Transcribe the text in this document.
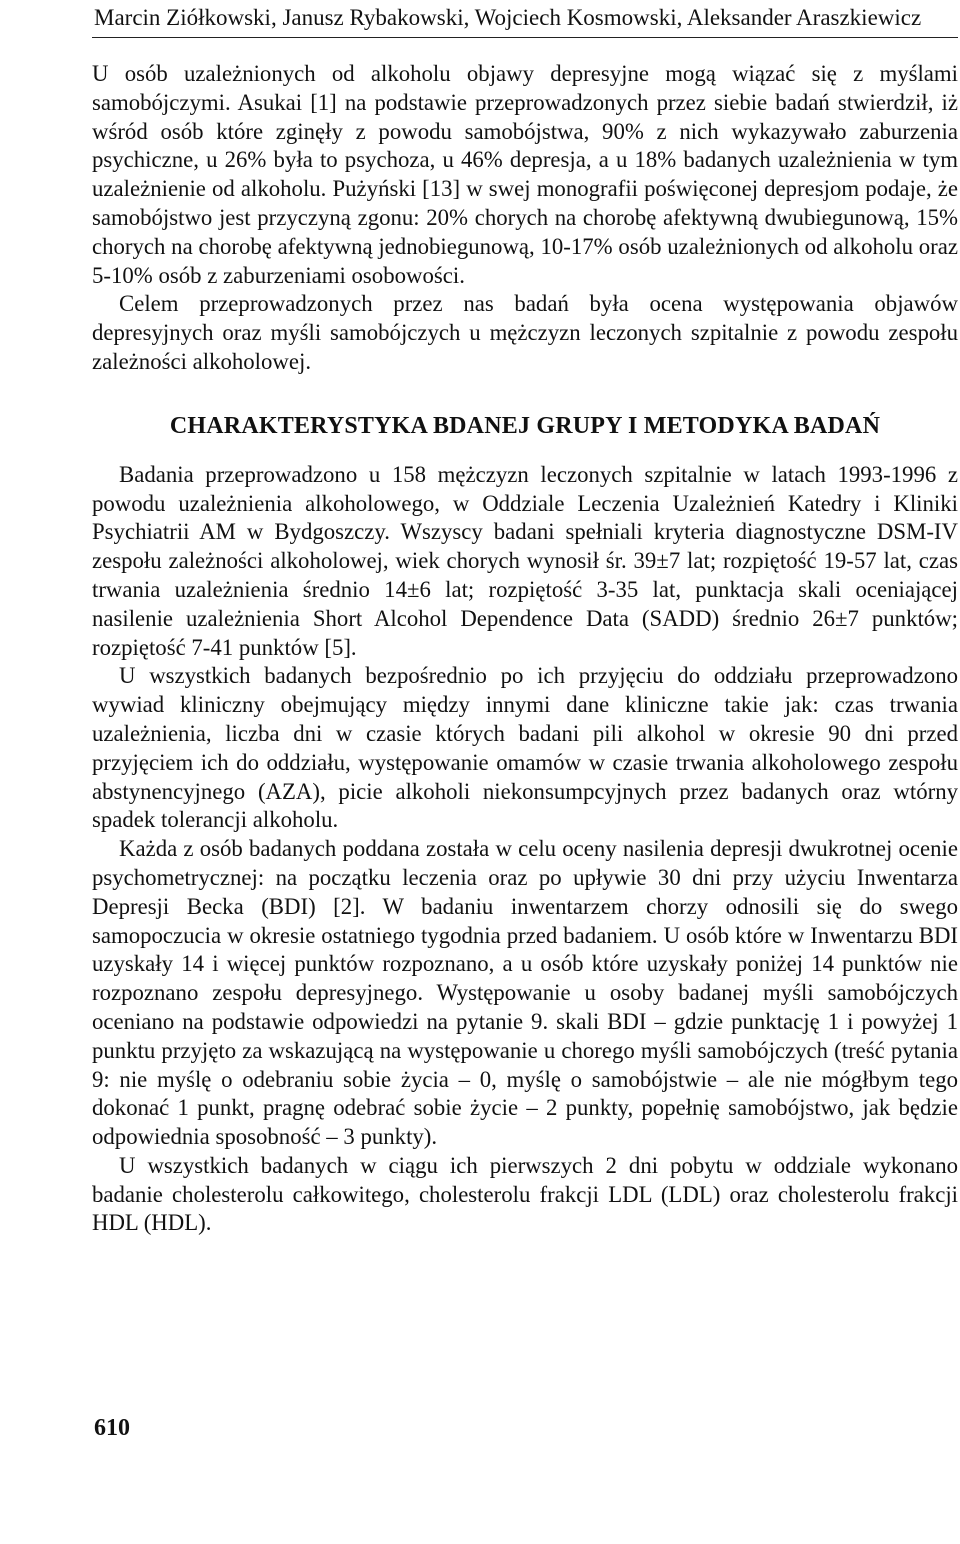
Marcin Ziółkowski, Janusz Rybakowski, Wojciech Kosmowski, Aleksander Araszkiewicz

U osób uzależnionych od alkoholu objawy depresyjne mogą wiązać się z myślami samobójczymi. Asukai [1] na podstawie przeprowadzonych przez siebie badań stwierdził, iż wśród osób które zginęły z powodu samobójstwa, 90% z nich wykazywało zaburzenia psychiczne, u 26% była to psychoza, u 46% depresja, a u 18% badanych uzależnienia w tym uzależnienie od alkoholu. Pużyński [13] w swej monografii poświęconej depresjom podaje, że samobójstwo jest przyczyną zgonu: 20% chorych na chorobę afektywną dwubiegunową, 15% chorych na chorobę afektywną jednobiegunową, 10-17% osób uzależnionych od alkoholu oraz 5-10% osób z zaburzeniami osobowości.

Celem przeprowadzonych przez nas badań była ocena występowania objawów depresyjnych oraz myśli samobójczych u mężczyzn leczonych szpitalnie z powodu zespołu zależności alkoholowej.

CHARAKTERYSTYKA BDANEJ GRUPY I METODYKA BADAŃ

Badania przeprowadzono u 158 mężczyzn leczonych szpitalnie w latach 1993-1996 z powodu uzależnienia alkoholowego, w Oddziale Leczenia Uzależnień Katedry i Kliniki Psychiatrii AM w Bydgoszczy. Wszyscy badani spełniali kryteria diagnostyczne DSM-IV zespołu zależności alkoholowej, wiek chorych wynosił śr. 39±7 lat; rozpiętość 19-57 lat, czas trwania uzależnienia średnio 14±6 lat; rozpiętość 3-35 lat, punktacja skali oceniającej nasilenie uzależnienia Short Alcohol Dependence Data (SADD) średnio 26±7 punktów; rozpiętość 7-41 punktów [5].

U wszystkich badanych bezpośrednio po ich przyjęciu do oddziału przeprowadzono wywiad kliniczny obejmujący między innymi dane kliniczne takie jak: czas trwania uzależnienia, liczba dni w czasie których badani pili alkohol w okresie 90 dni przed przyjęciem ich do oddziału, występowanie omamów w czasie trwania alkoholowego zespołu abstynencyjnego (AZA), picie alkoholi niekonsumpcyjnych przez badanych oraz wtórny spadek tolerancji alkoholu.

Każda z osób badanych poddana została w celu oceny nasilenia depresji dwukrotnej ocenie psychometrycznej: na początku leczenia oraz po upływie 30 dni przy użyciu Inwentarza Depresji Becka (BDI) [2]. W badaniu inwentarzem chorzy odnosili się do swego samopoczucia w okresie ostatniego tygodnia przed badaniem. U osób które w Inwentarzu BDI uzyskały 14 i więcej punktów rozpoznano, a u osób które uzyskały poniżej 14 punktów nie rozpoznano zespołu depresyjnego. Występowanie u osoby badanej myśli samobójczych oceniano na podstawie odpowiedzi na pytanie 9. skali BDI – gdzie punktację 1 i powyżej 1 punktu przyjęto za wskazującą na występowanie u chorego myśli samobójczych (treść pytania 9: nie myślę o odebraniu sobie życia – 0, myślę o samobójstwie – ale nie mógłbym tego dokonać 1 punkt, pragnę odebrać sobie życie – 2 punkty, popełnię samobójstwo, jak będzie odpowiednia sposobność – 3 punkty).

U wszystkich badanych w ciągu ich pierwszych 2 dni pobytu w oddziale wykonano badanie cholesterolu całkowitego, cholesterolu frakcji LDL (LDL) oraz cholesterolu frakcji HDL (HDL).

610
